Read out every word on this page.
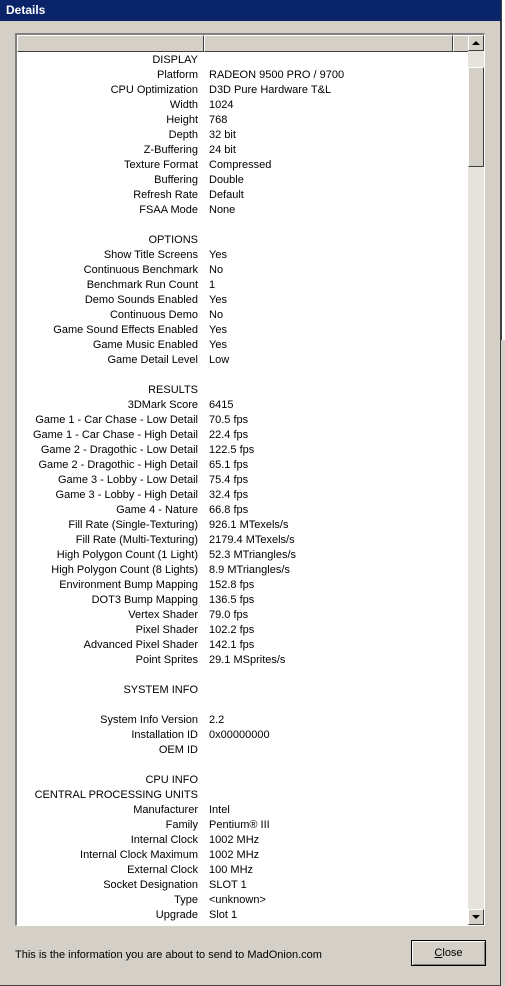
Details
DISPLAY
Platform RADEON 9500 PRO / 9700
CPU Optimization D3D Pure Hardware T&L
Width 1024
Height 768
Depth 32 bit
Z-Buffering 24 bit
Texture Format Compressed
Buffering Double
Refresh Rate Default
FSAA Mode None
OPTIONS
Show Title Screens Yes
Continuous Benchmark No
Benchmark Run Count 1
Demo Sounds Enabled Yes
Continuous Demo No
Game Sound Effects Enabled Yes
Game Music Enabled Yes
Game Detail Level Low
RESULTS
3DMark Score 6415
Game 1 - Car Chase - Low Detail 70.5 fps
Game 1 - Car Chase - High Detail 22.4 fps
Game 2 - Dragothic - Low Detail 122.5 fps
Game 2 - Dragothic - High Detail 65.1 fps
Game 3 - Lobby - Low Detail 75.4 fps
Game 3 - Lobby - High Detail 32.4 fps
Game 4 - Nature 66.8 fps
Fill Rate (Single-Texturing) 926.1 MTexels/s
Fill Rate (Multi-Texturing) 2179.4 MTexels/s
High Polygon Count (1 Light) 52.3 MTriangles/s
High Polygon Count (8 Lights) 8.9 MTriangles/s
Environment Bump Mapping 152.8 fps
DOT3 Bump Mapping 136.5 fps
Vertex Shader 79.0 fps
Pixel Shader 102.2 fps
Advanced Pixel Shader 142.1 fps
Point Sprites 29.1 MSprites/s
SYSTEM INFO
System Info Version 2.2
Installation ID 0x00000000
OEM ID
CPU INFO
CENTRAL PROCESSING UNITS
Manufacturer Intel
Family Pentium® III
Internal Clock 1002 MHz
Internal Clock Maximum 1002 MHz
External Clock 100 MHz
Socket Designation SLOT 1
Type <unknown>
Upgrade Slot 1
This is the information you are about to send to MadOnion.com	Close
